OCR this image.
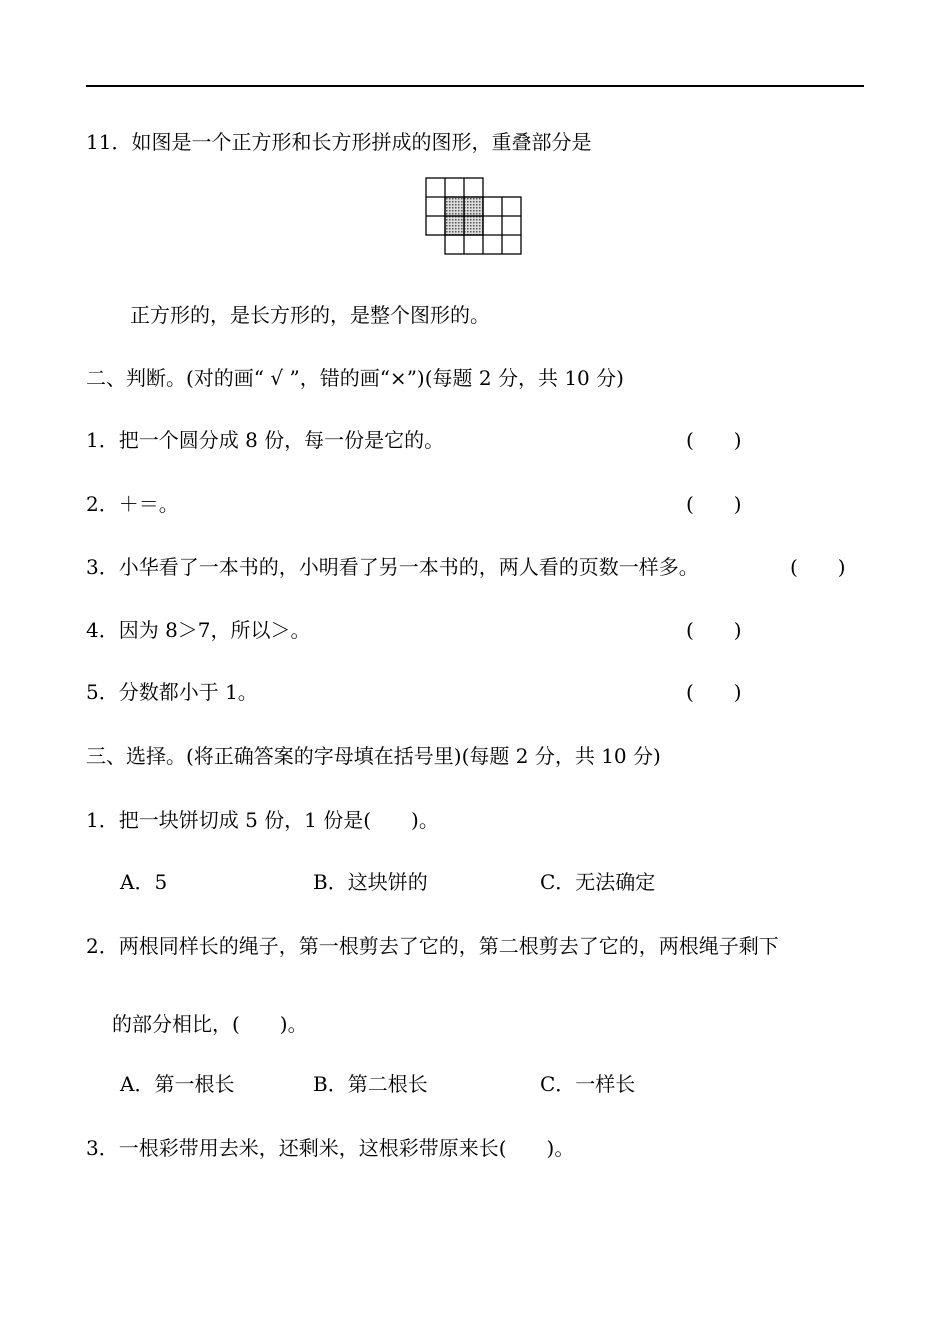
11．如图是一个正方形和长方形拼成的图形，重叠部分是
正方形的，是长方形的，是整个图形的。
二、判断。(对的画“ √ ”，错的画“×”)(每题 2 分，共 10 分)
1．把一个圆分成 8 份，每一份是它的。	(　　)
2．＋＝。	(　　)
3．小华看了一本书的，小明看了另一本书的，两人看的页数一样多。	(　　)
4．因为 8＞7，所以＞。	(　　)
5．分数都小于 1。	(　　)
三、选择。(将正确答案的字母填在括号里)(每题 2 分，共 10 分)
1．把一块饼切成 5 份，1 份是(　　)。
A．5	B．这块饼的	C．无法确定
2．两根同样长的绳子，第一根剪去了它的，第二根剪去了它的，两根绳子剩下
的部分相比，(　　)。
A．第一根长	B．第二根长	C．一样长
3．一根彩带用去米，还剩米，这根彩带原来长(　　)。
